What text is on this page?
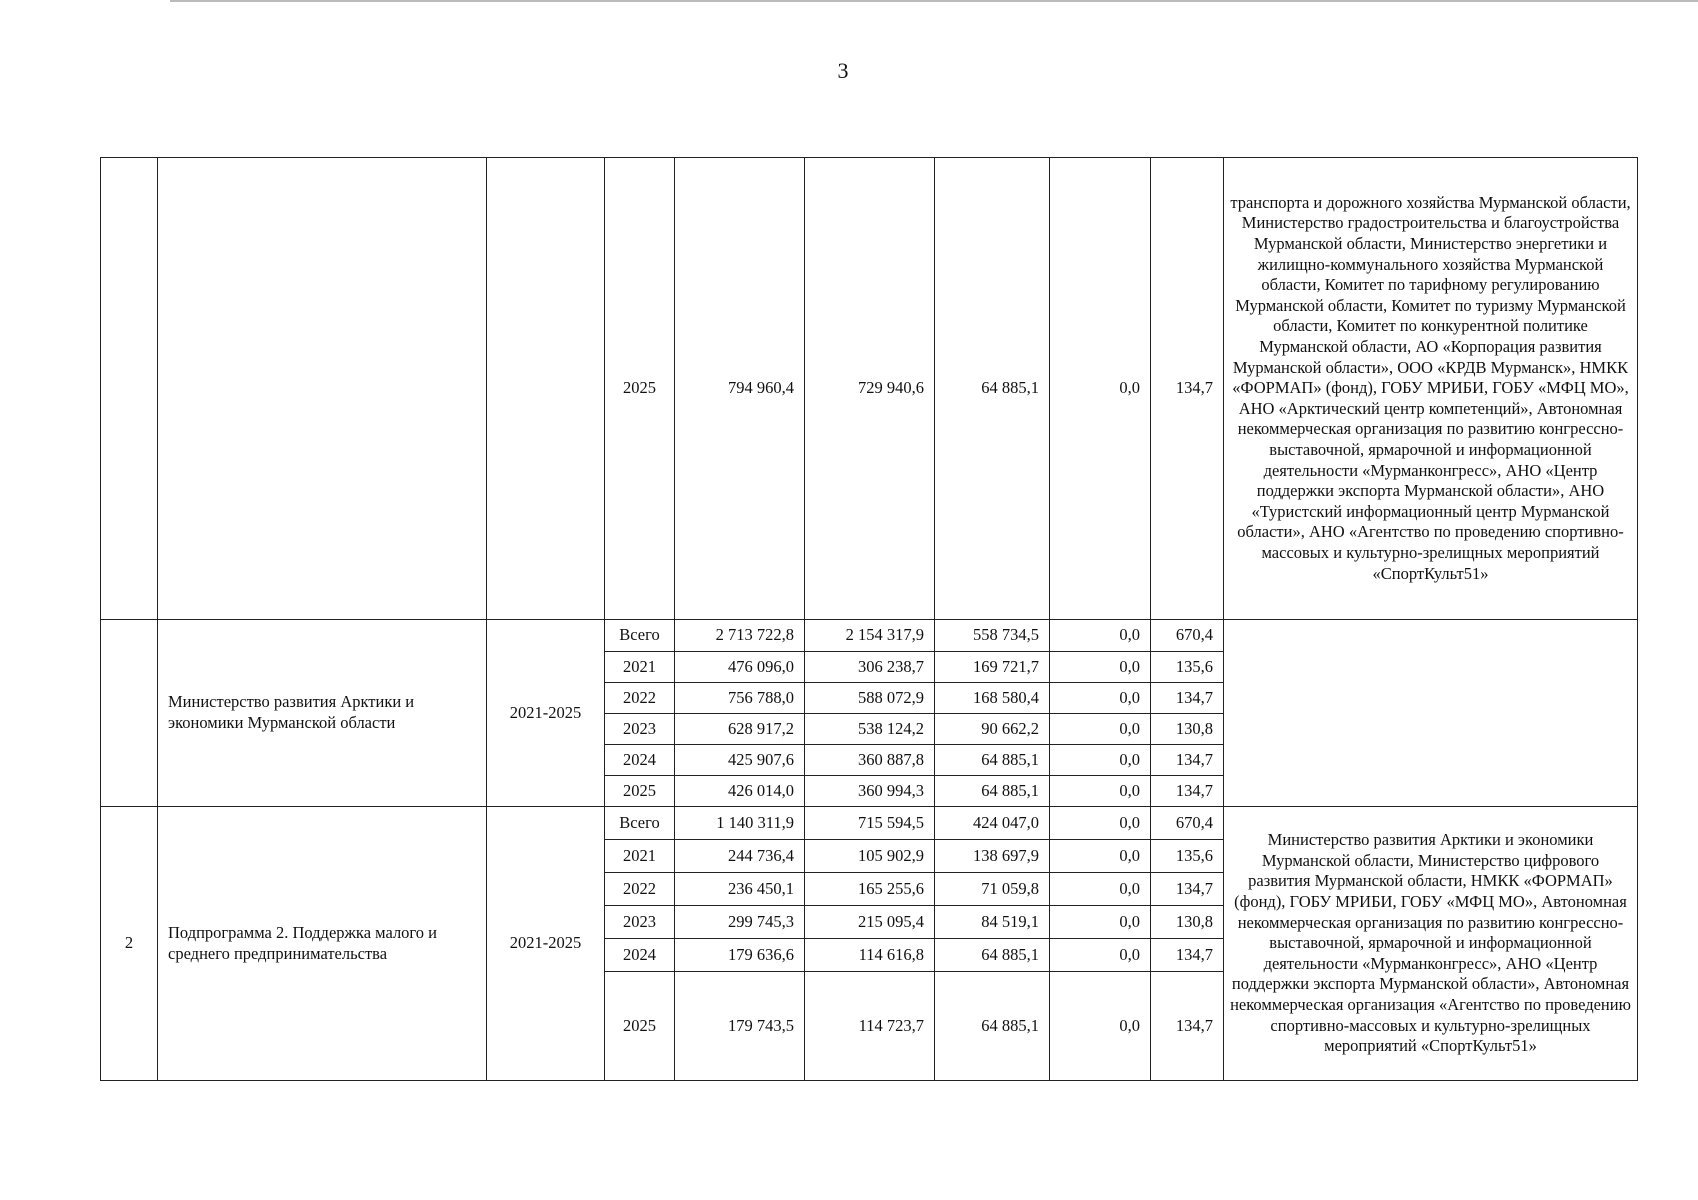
3
			2025	794 960,4	729 940,6	64 885,1	0,0	134,7	транспорта и дорожного хозяйства Мурманской области, Министерство градостроительства и благоустройства Мурманской области, Министерство энергетики и жилищно-коммунального хозяйства Мурманской области, Комитет по тарифному регулированию Мурманской области, Комитет по туризму Мурманской области, Комитет по конкурентной политике Мурманской области, АО «Корпорация развития Мурманской области», ООО «КРДВ Мурманск», НМКК «ФОРМАП» (фонд), ГОБУ МРИБИ, ГОБУ «МФЦ МО», АНО «Арктический центр компетенций», Автономная некоммерческая организация по развитию конгрессно-выставочной, ярмарочной и информационной деятельности «Мурманконгресс», АНО «Центр поддержки экспорта Мурманской области», АНО «Туристский информационный центр Мурманской области», АНО «Агентство по проведению спортивно-массовых и культурно-зрелищных мероприятий «СпортКульт51»
	Министерство развития Арктики и экономики Мурманской области	2021-2025	Всего	2 713 722,8	2 154 317,9	558 734,5	0,0	670,4	
			2021	476 096,0	306 238,7	169 721,7	0,0	135,6	
			2022	756 788,0	588 072,9	168 580,4	0,0	134,7	
			2023	628 917,2	538 124,2	90 662,2	0,0	130,8	
			2024	425 907,6	360 887,8	64 885,1	0,0	134,7	
			2025	426 014,0	360 994,3	64 885,1	0,0	134,7	
2	Подпрограмма 2. Поддержка малого и среднего предпринимательства	2021-2025	Всего	1 140 311,9	715 594,5	424 047,0	0,0	670,4	Министерство развития Арктики и экономики Мурманской области, Министерство цифрового развития Мурманской области, НМКК «ФОРМАП» (фонд), ГОБУ МРИБИ, ГОБУ «МФЦ МО», Автономная некоммерческая организация по развитию конгрессно-выставочной, ярмарочной и информационной деятельности «Мурманконгресс», АНО «Центр поддержки экспорта Мурманской области», Автономная некоммерческая организация «Агентство по проведению спортивно-массовых и культурно-зрелищных мероприятий «СпортКульт51»
			2021	244 736,4	105 902,9	138 697,9	0,0	135,6	
			2022	236 450,1	165 255,6	71 059,8	0,0	134,7	
			2023	299 745,3	215 095,4	84 519,1	0,0	130,8	
			2024	179 636,6	114 616,8	64 885,1	0,0	134,7	
			2025	179 743,5	114 723,7	64 885,1	0,0	134,7	
